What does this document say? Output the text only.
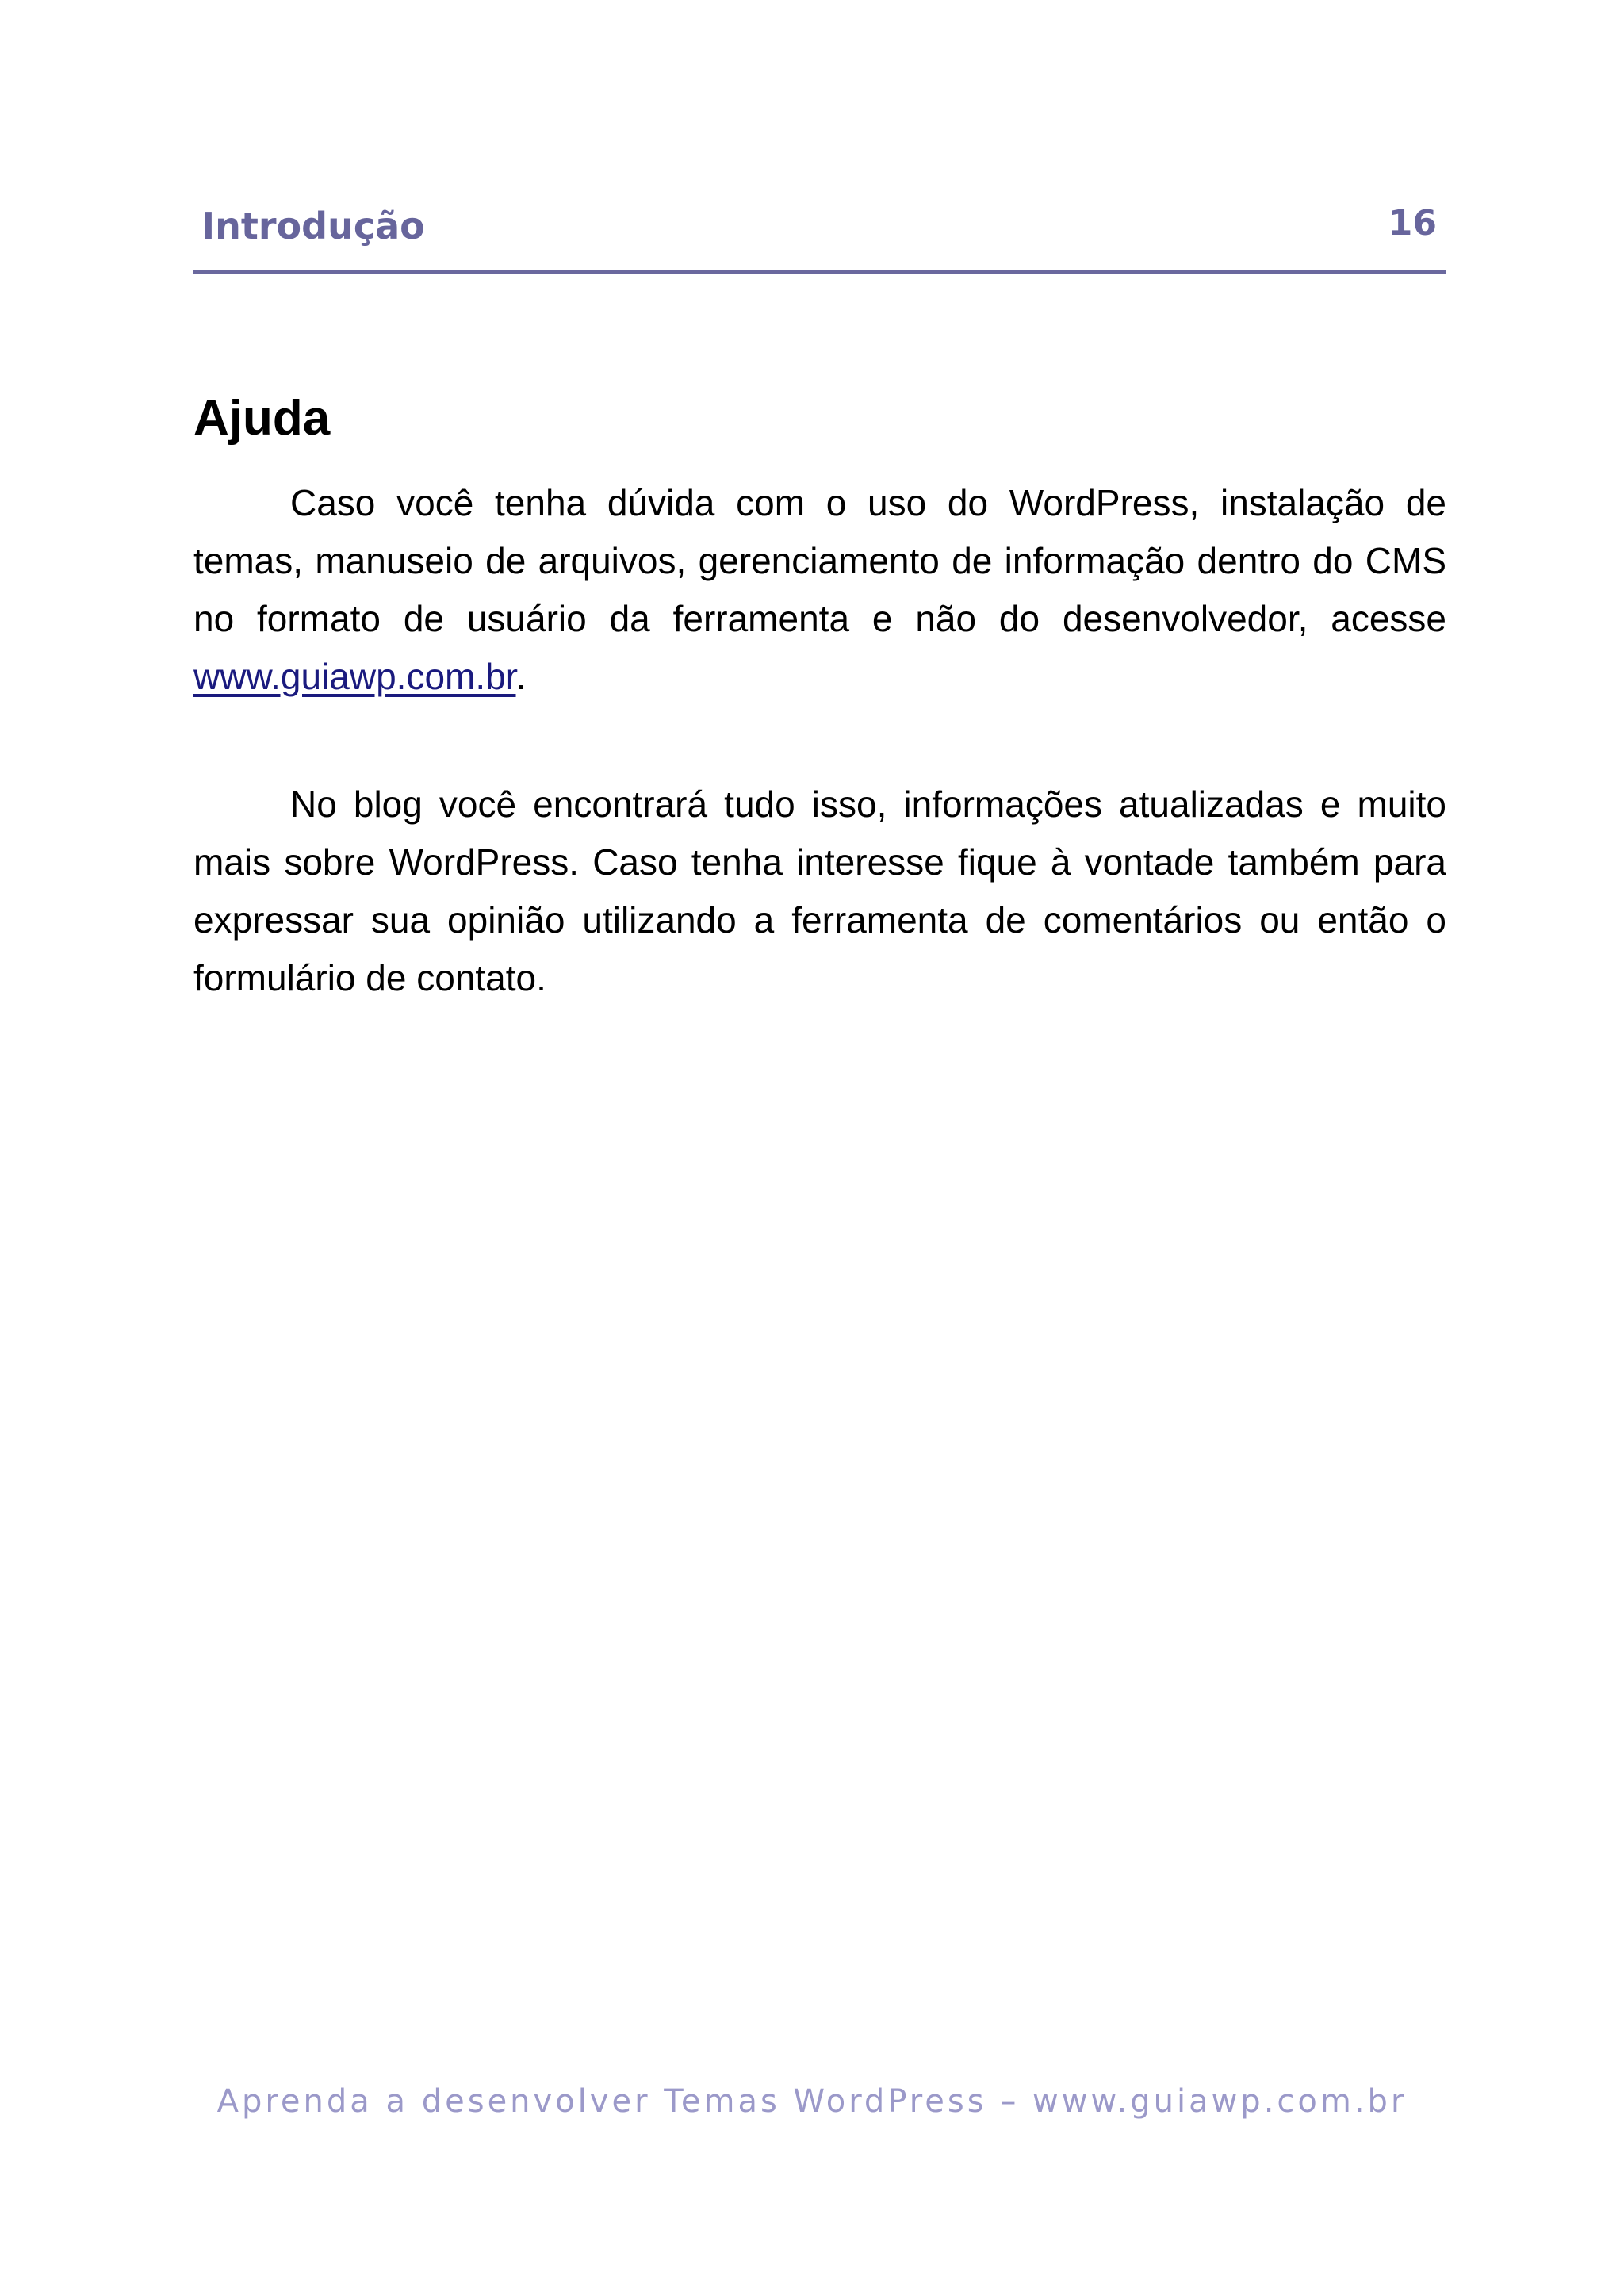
Introdução	16
Ajuda

Caso você tenha dúvida com o uso do WordPress, instalação de temas, manuseio de arquivos, gerenciamento de informação dentro do CMS no formato de usuário da ferramenta e não do desenvolvedor, acesse www.guiawp.com.br.

No blog você encontrará tudo isso, informações atualizadas e muito mais sobre WordPress. Caso tenha interesse fique à vontade também para expressar sua opinião utilizando a ferramenta de comentários ou então o formulário de contato.

Aprenda a desenvolver Temas WordPress – www.guiawp.com.br
